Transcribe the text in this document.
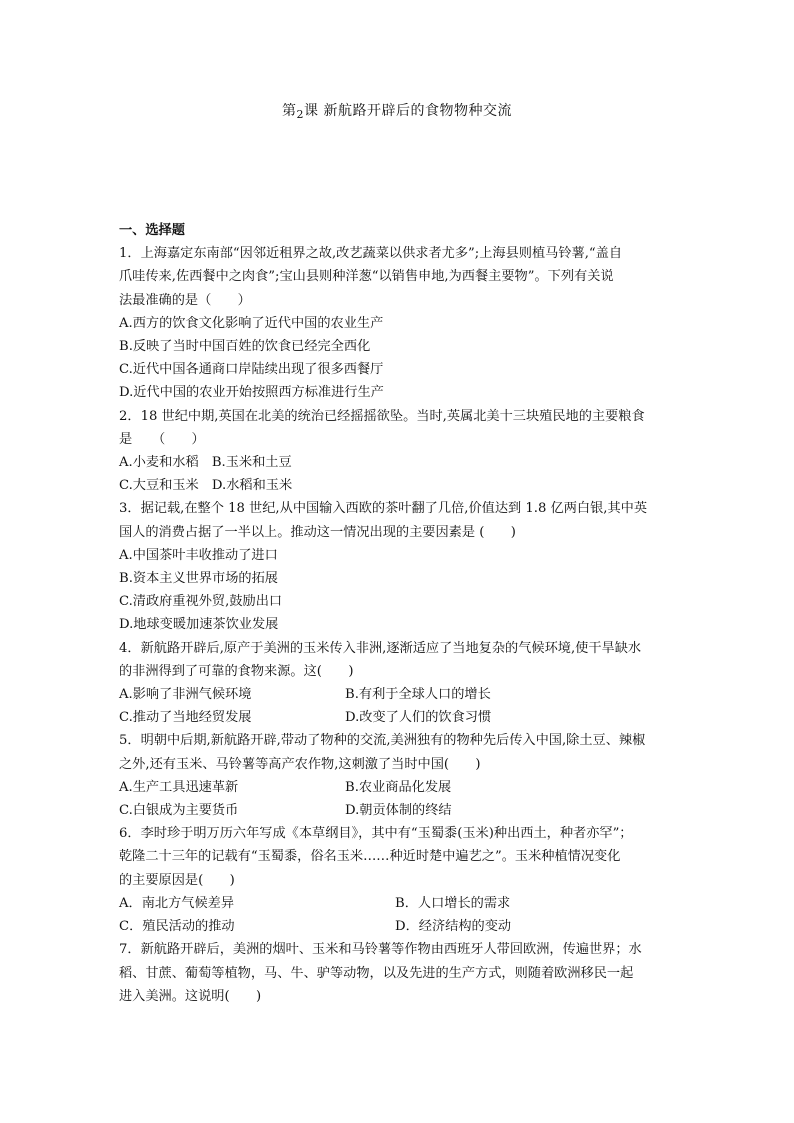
第$_2$课 新航路开辟后的食物物种交流
一、选择题
1．上海嘉定东南部“因邻近租界之故,改艺蔬菜以供求者尤多”;上海县则植马铃薯,“盖自
爪哇传来,佐西餐中之肉食”;宝山县则种洋葱“以销售申地,为西餐主要物”。下列有关说
法最准确的是（　　）
A.西方的饮食文化影响了近代中国的农业生产
B.反映了当时中国百姓的饮食已经完全西化
C.近代中国各通商口岸陆续出现了很多西餐厅
D.近代中国的农业开始按照西方标准进行生产
2．18 世纪中期,英国在北美的统治已经摇摇欲坠。当时,英属北美十三块殖民地的主要粮食
是　　（　　）
A.小麦和水稻　B.玉米和土豆
C.大豆和玉米　D.水稻和玉米
3．据记载,在整个 18 世纪,从中国输入西欧的茶叶翻了几倍,价值达到 1.8 亿两白银,其中英
国人的消费占据了一半以上。推动这一情况出现的主要因素是 (　　)
A.中国茶叶丰收推动了进口
B.资本主义世界市场的拓展
C.清政府重视外贸,鼓励出口
D.地球变暖加速茶饮业发展
4．新航路开辟后,原产于美洲的玉米传入非洲,逐渐适应了当地复杂的气候环境,使干旱缺水
的非洲得到了可靠的食物来源。这(　　)
A.影响了非洲气候环境	B.有利于全球人口的增长
C.推动了当地经贸发展	D.改变了人们的饮食习惯
5．明朝中后期,新航路开辟,带动了物种的交流,美洲独有的物种先后传入中国,除土豆、辣椒
之外,还有玉米、马铃薯等高产农作物,这刺激了当时中国(　　)
A.生产工具迅速革新	B.农业商品化发展
C.白银成为主要货币	D.朝贡体制的终结
6．李时珍于明万历六年写成《本草纲目》，其中有“玉蜀黍(玉米)种出西土，种者亦罕”；
乾隆二十三年的记载有“玉蜀黍，俗名玉米……种近时楚中遍艺之”。玉米种植情况变化
的主要原因是(　　)
A．南北方气候差异	B．人口增长的需求
C．殖民活动的推动	D．经济结构的变动
7．新航路开辟后，美洲的烟叶、玉米和马铃薯等作物由西班牙人带回欧洲，传遍世界；水
稻、甘蔗、葡萄等植物，马、牛、驴等动物，以及先进的生产方式，则随着欧洲移民一起
进入美洲。这说明(　　)
